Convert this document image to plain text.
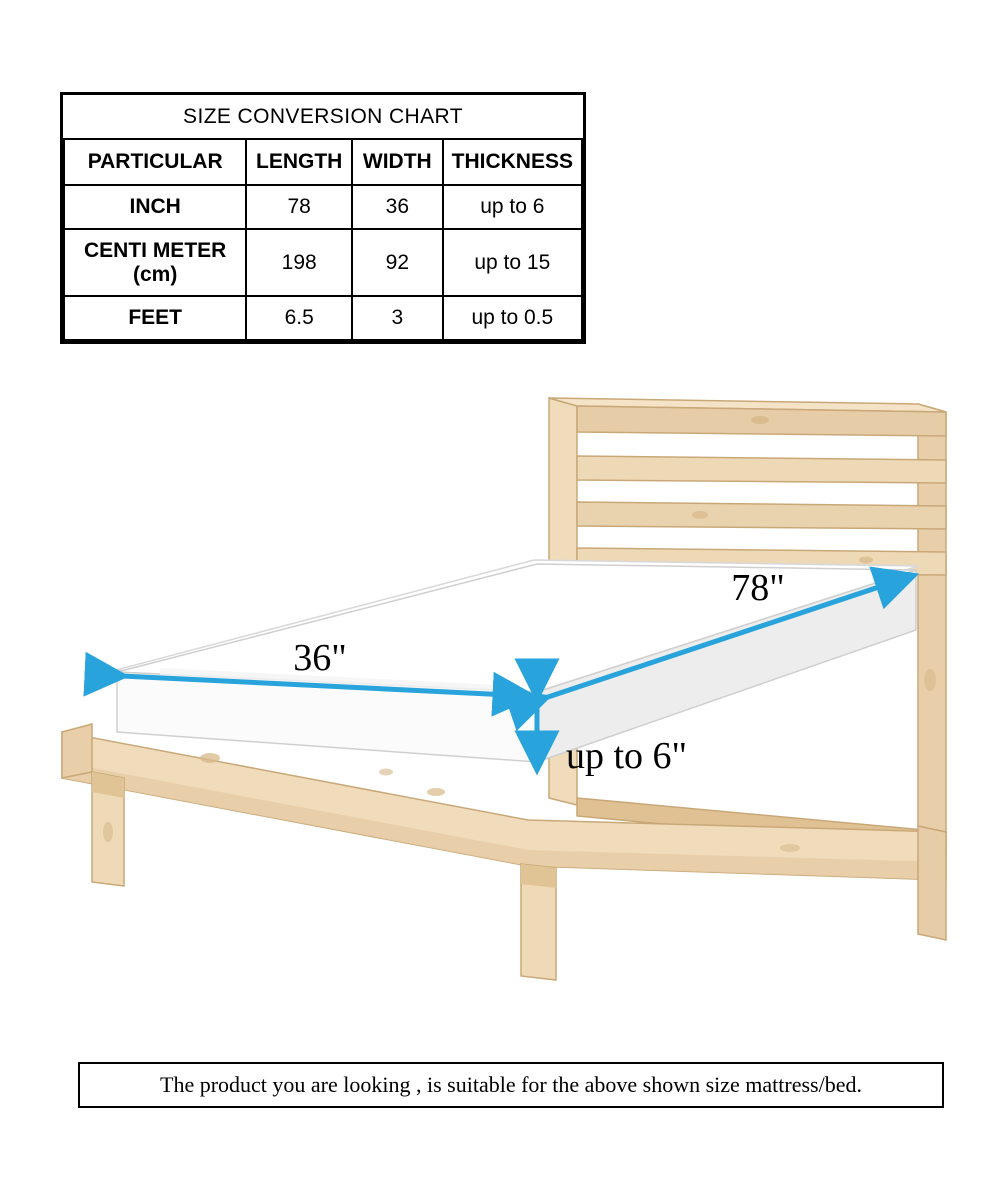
SIZE CONVERSION CHART			
PARTICULAR	LENGTH	WIDTH	THICKNESS
INCH	78	36	up to 6

CENTI METER
(cm)	198	92	up to 15
FEET	6.5	3	up to 0.5
78"
36"
up to 6"
The product you are looking , is suitable for the above shown size mattress/bed.
